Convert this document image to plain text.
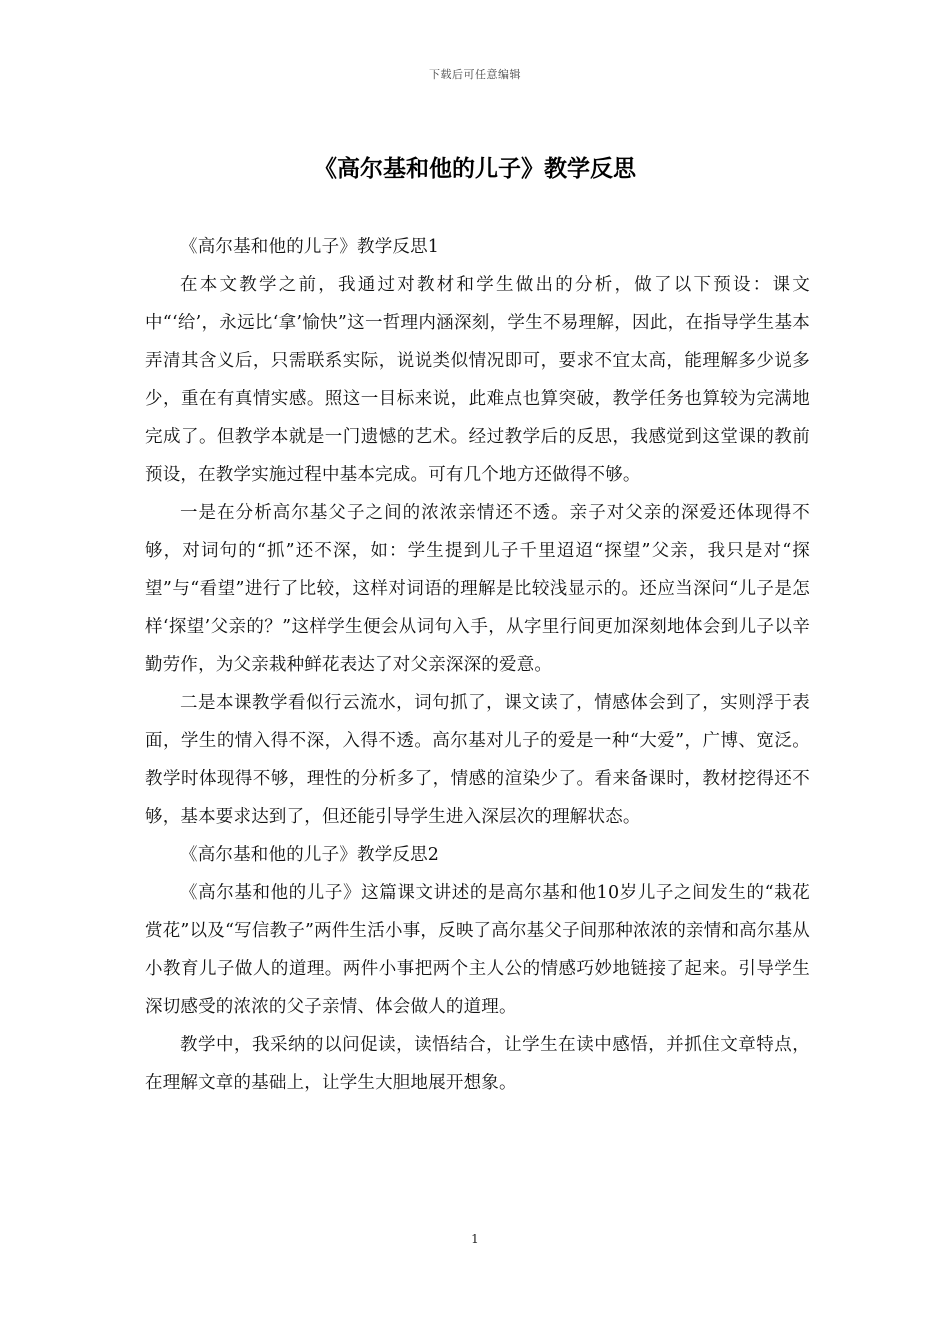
下载后可任意编辑
《高尔基和他的儿子》教学反思

《高尔基和他的儿子》教学反思1

在本文教学之前，我通过对教材和学生做出的分析，做了以下预设：课文中“‘给’，永远比‘拿’愉快”这一哲理内涵深刻，学生不易理解，因此，在指导学生基本弄清其含义后，只需联系实际，说说类似情况即可，要求不宜太高，能理解多少说多少，重在有真情实感。照这一目标来说，此难点也算突破，教学任务也算较为完满地完成了。但教学本就是一门遗憾的艺术。经过教学后的反思，我感觉到这堂课的教前预设，在教学实施过程中基本完成。可有几个地方还做得不够。

一是在分析高尔基父子之间的浓浓亲情还不透。亲子对父亲的深爱还体现得不够，对词句的“抓”还不深，如：学生提到儿子千里迢迢“探望”父亲，我只是对“探望”与“看望”进行了比较，这样对词语的理解是比较浅显示的。还应当深问“儿子是怎样‘探望’父亲的？”这样学生便会从词句入手，从字里行间更加深刻地体会到儿子以辛勤劳作，为父亲栽种鲜花表达了对父亲深深的爱意。

二是本课教学看似行云流水，词句抓了，课文读了，情感体会到了，实则浮于表面，学生的情入得不深，入得不透。高尔基对儿子的爱是一种“大爱”，广博、宽泛。教学时体现得不够，理性的分析多了，情感的渲染少了。看来备课时，教材挖得还不够，基本要求达到了，但还能引导学生进入深层次的理解状态。

《高尔基和他的儿子》教学反思2

《高尔基和他的儿子》这篇课文讲述的是高尔基和他10岁儿子之间发生的“栽花赏花”以及“写信教子”两件生活小事，反映了高尔基父子间那种浓浓的亲情和高尔基从小教育儿子做人的道理。两件小事把两个主人公的情感巧妙地链接了起来。引导学生深切感受的浓浓的父子亲情、体会做人的道理。

教学中，我采纳的以问促读，读悟结合，让学生在读中感悟，并抓住文章特点，在理解文章的基础上，让学生大胆地展开想象。

1
